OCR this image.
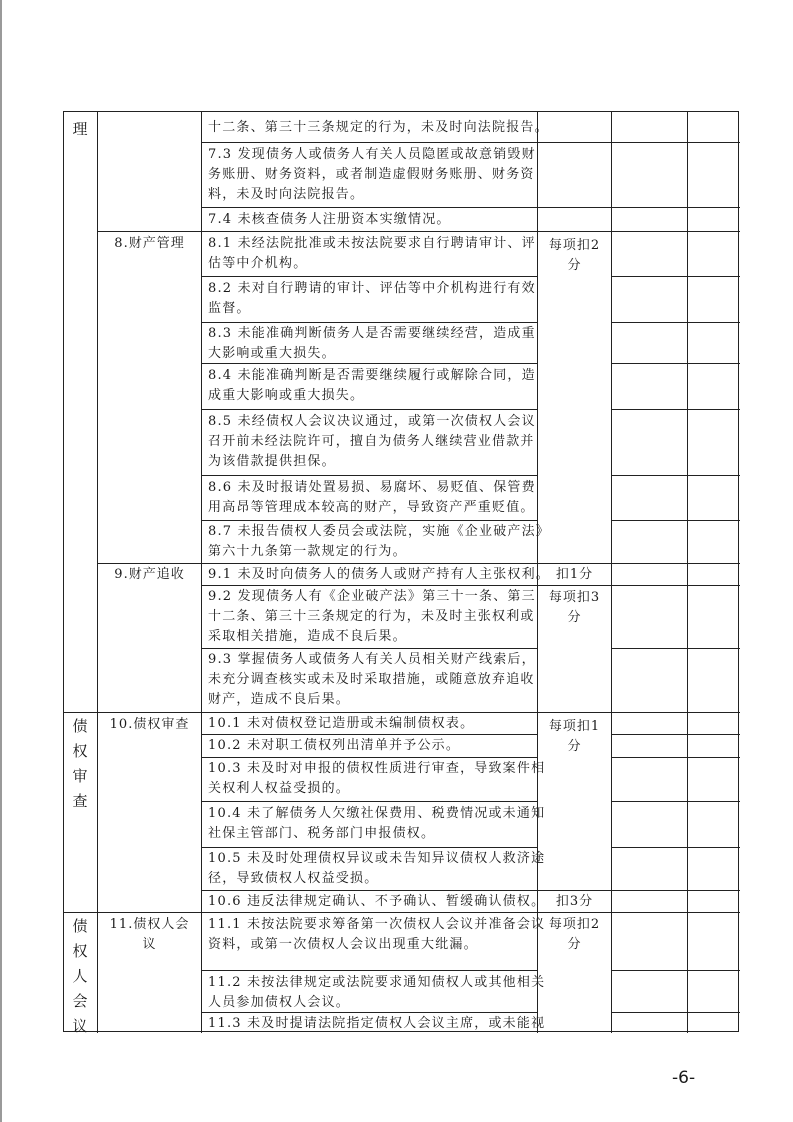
理
债
权
审
查
债
权
人
会
议
8.财产管理
9.财产追收
10.债权审查
11.债权人会
议
每项扣2
分
扣1分
每项扣3
分
每项扣1
分
扣3分
每项扣2
分
十二条、第三十三条规定的行为，未及时向法院报告。
7.3 发现债务人或债务人有关人员隐匿或故意销毁财
务账册、财务资料，或者制造虚假财务账册、财务资
料，未及时向法院报告。
7.4 未核查债务人注册资本实缴情况。
8.1 未经法院批准或未按法院要求自行聘请审计、评
估等中介机构。
8.2 未对自行聘请的审计、评估等中介机构进行有效
监督。
8.3 未能准确判断债务人是否需要继续经营，造成重
大影响或重大损失。
8.4 未能准确判断是否需要继续履行或解除合同，造
成重大影响或重大损失。
8.5 未经债权人会议决议通过，或第一次债权人会议
召开前未经法院许可，擅自为债务人继续营业借款并
为该借款提供担保。
8.6 未及时报请处置易损、易腐坏、易贬值、保管费
用高昂等管理成本较高的财产，导致资产严重贬值。
8.7 未报告债权人委员会或法院，实施《企业破产法》
第六十九条第一款规定的行为。
9.1 未及时向债务人的债务人或财产持有人主张权利。
9.2 发现债务人有《企业破产法》第三十一条、第三
十二条、第三十三条规定的行为，未及时主张权利或
采取相关措施，造成不良后果。
9.3 掌握债务人或债务人有关人员相关财产线索后，
未充分调查核实或未及时采取措施，或随意放弃追收
财产，造成不良后果。
10.1 未对债权登记造册或未编制债权表。
10.2 未对职工债权列出清单并予公示。
10.3 未及时对申报的债权性质进行审查，导致案件相
关权利人权益受损的。
10.4 未了解债务人欠缴社保费用、税费情况或未通知
社保主管部门、税务部门申报债权。
10.5 未及时处理债权异议或未告知异议债权人救济途
径，导致债权人权益受损。
10.6 违反法律规定确认、不予确认、暂缓确认债权。
11.1 未按法院要求筹备第一次债权人会议并准备会议
资料，或第一次债权人会议出现重大纰漏。
11.2 未按法律规定或法院要求通知债权人或其他相关
人员参加债权人会议。
11.3 未及时提请法院指定债权人会议主席，或未能视
-6-
